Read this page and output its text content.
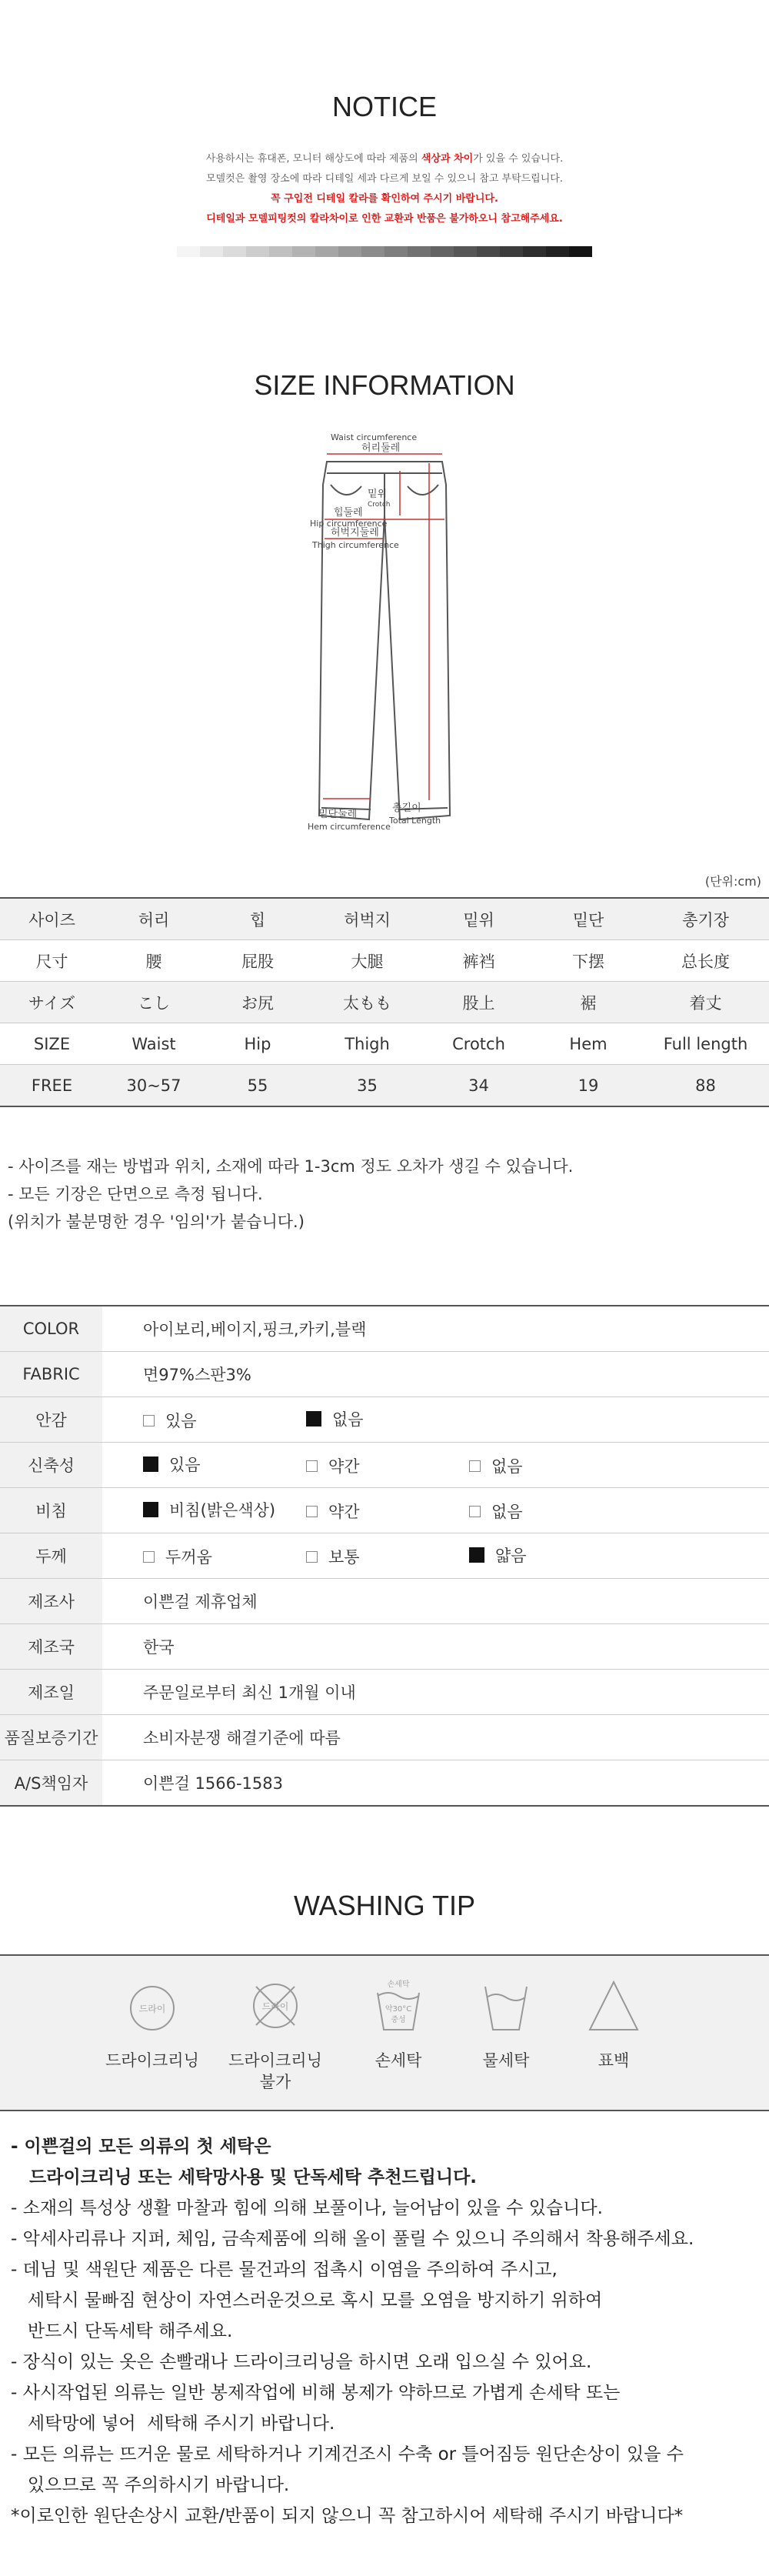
NOTICE
사용하시는 휴대폰, 모니터 해상도에 따라 제품의 색상과 차이가 있을 수 있습니다.
모델컷은 촬영 장소에 따라 디테일 세과 다르게 보일 수 있으니 참고 부탁드립니다.
꼭 구입전 디테일 칼라를 확인하여 주시기 바랍니다.
디테일과 모델피팅컷의 칼라차이로 인한 교환과 반품은 불가하오니 참고해주세요.
SIZE INFORMATION
Waist circumference
허리둘레
밑위
Crotch
힙둘레
Hip circumference
허벅지둘레
Thigh circumference
밑단둘레
Hem circumference
총길이
Total Length
(단위:cm)
사이즈	허리	힙	허벅지	밑위	밑단	총기장
尺寸	腰	屁股	大腿	裤裆	下摆	总长度
サイズ	こし	お尻	太もも	股上	裾	着丈
SIZE	Waist	Hip	Thigh	Crotch	Hem	Full length
FREE	30~57	55	35	34	19	88
- 사이즈를 재는 방법과 위치, 소재에 따라 1-3cm 정도 오차가 생길 수 있습니다.
- 모든 기장은 단면으로 측정 됩니다.
(위치가 불분명한 경우 '임의'가 붙습니다.)
COLOR	아이보리,베이지,핑크,카키,블랙
FABRIC	면97%스판3%
안감	있음 없음

신축성	있음 약간 없음

비침	비침(밝은색상) 약간 없음

두께	두꺼움 보통 얇음

제조사	이쁜걸 제휴업체
제조국	한국
제조일	주문일로부터 최신 1개월 이내
품질보증기간	소비자분쟁 해결기준에 따름
A/S책임자	이쁜걸 1566-1583
WASHING TIP
드라이
드라이크리닝
드라이
드라이크리닝
불가
손세탁
약30°C
중성
손세탁	물세탁	표백
- 이쁜걸의 모든 의류의 첫 세탁은
드라이크리닝 또는 세탁망사용 및 단독세탁 추천드립니다.
- 소재의 특성상 생활 마찰과 힘에 의해 보풀이나, 늘어남이 있을 수 있습니다.
- 악세사리류나 지퍼, 체임, 금속제품에 의해 올이 풀릴 수 있으니 주의해서 착용해주세요.
- 데님 및 색원단 제품은 다른 물건과의 접촉시 이염을 주의하여 주시고,
세탁시 물빠짐 현상이 자연스러운것으로 혹시 모를 오염을 방지하기 위하여
반드시 단독세탁 해주세요.
- 장식이 있는 옷은 손빨래나 드라이크리닝을 하시면 오래 입으실 수 있어요.
- 사시작업된 의류는 일반 봉제작업에 비해 봉제가 약하므로 가볍게 손세탁 또는
세탁망에 넣어  세탁해 주시기 바랍니다.
- 모든 의류는 뜨거운 물로 세탁하거나 기계건조시 수축 or 틀어짐등 원단손상이 있을 수
있으므로 꼭 주의하시기 바랍니다.
*이로인한 원단손상시 교환/반품이 되지 않으니 꼭 참고하시어 세탁해 주시기 바랍니다*
